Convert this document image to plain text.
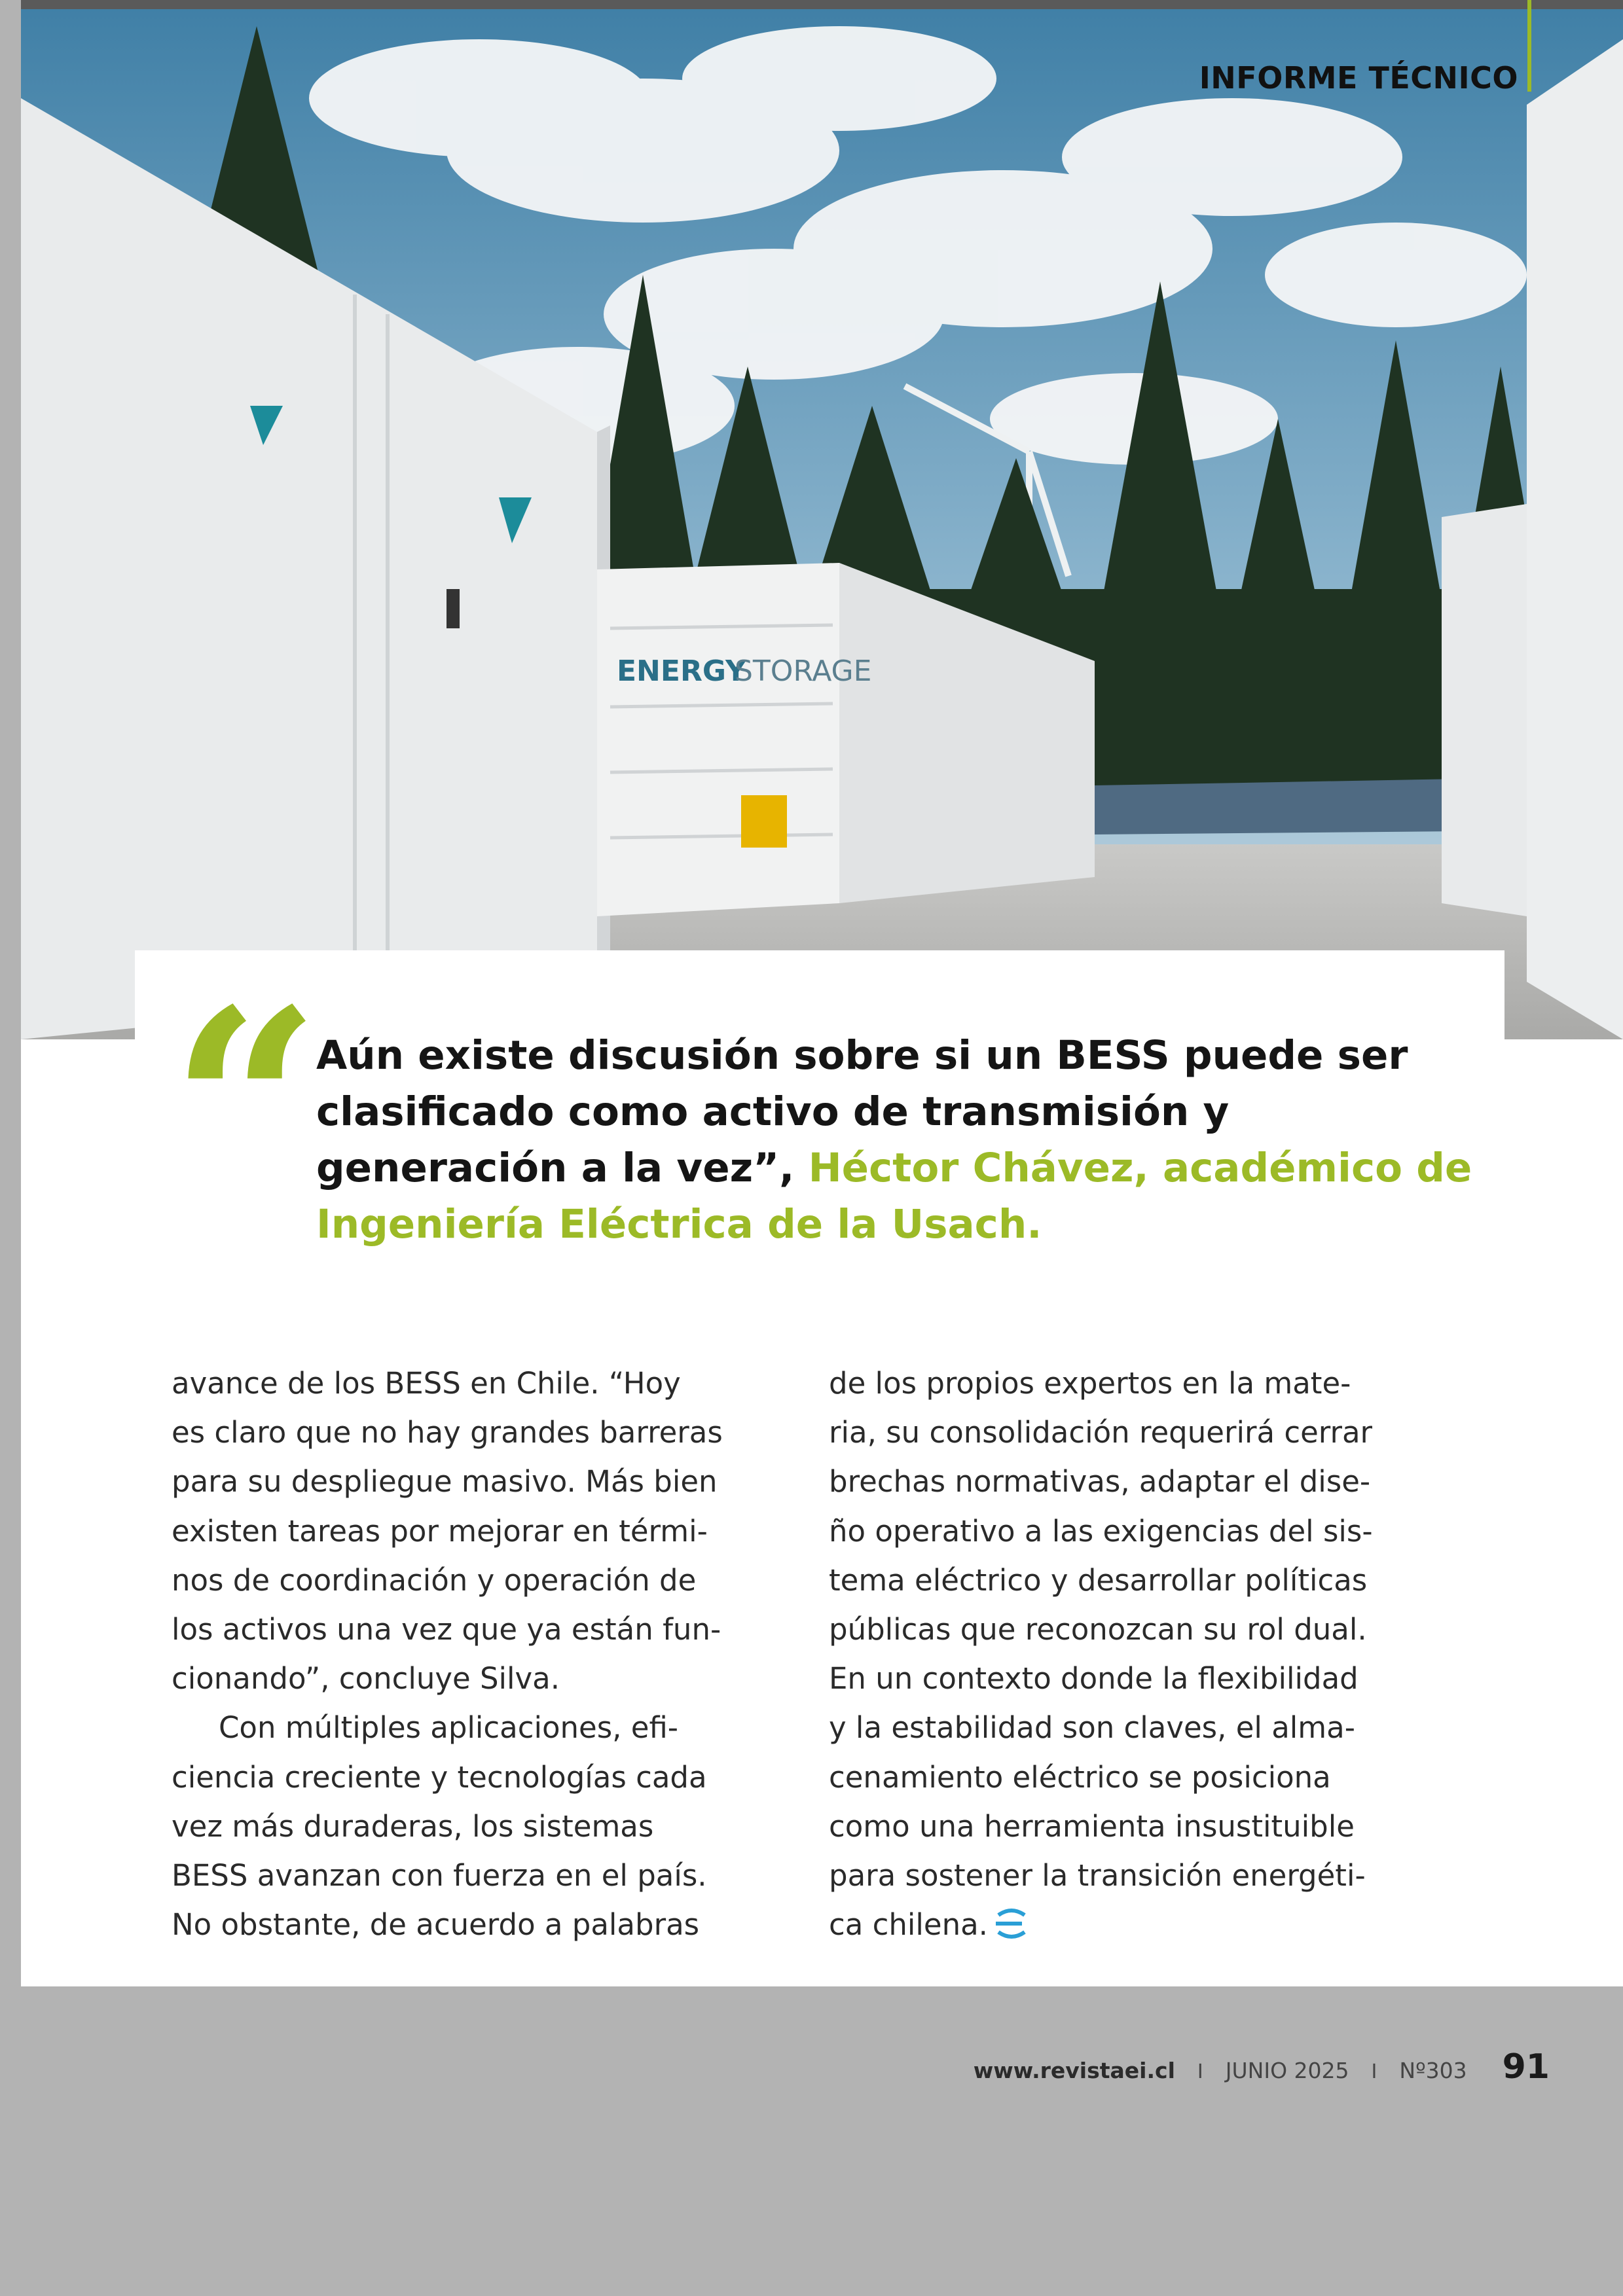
ENERGY
STORAGE
INFORME TÉCNICO
“

Aún existe discusión sobre si un BESS puede ser clasificado como activo de transmisión y generación a la vez”, Héctor Chávez, académico de Ingeniería Eléctrica de la Usach.

avance de los BESS en Chile. “Hoy
es claro que no hay grandes barreras
para su despliegue masivo. Más bien
existen tareas por mejorar en térmi-
nos de coordinación y operación de
los activos una vez que ya están fun-
cionando”, concluye Silva.
Con múltiples aplicaciones, efi-
ciencia creciente y tecnologías cada
vez más duraderas, los sistemas
BESS avanzan con fuerza en el país.
No obstante, de acuerdo a palabras
de los propios expertos en la mate-
ria, su consolidación requerirá cerrar
brechas normativas, adaptar el dise-
ño operativo a las exigencias del sis-
tema eléctrico y desarrollar políticas
públicas que reconozcan su rol dual.
En un contexto donde la flexibilidad
y la estabilidad son claves, el alma-
cenamiento eléctrico se posiciona
como una herramienta insustituible
para sostener la transición energéti-
ca chilena.
www.revistaei.cl I JUNIO 2025 I Nº303 91
